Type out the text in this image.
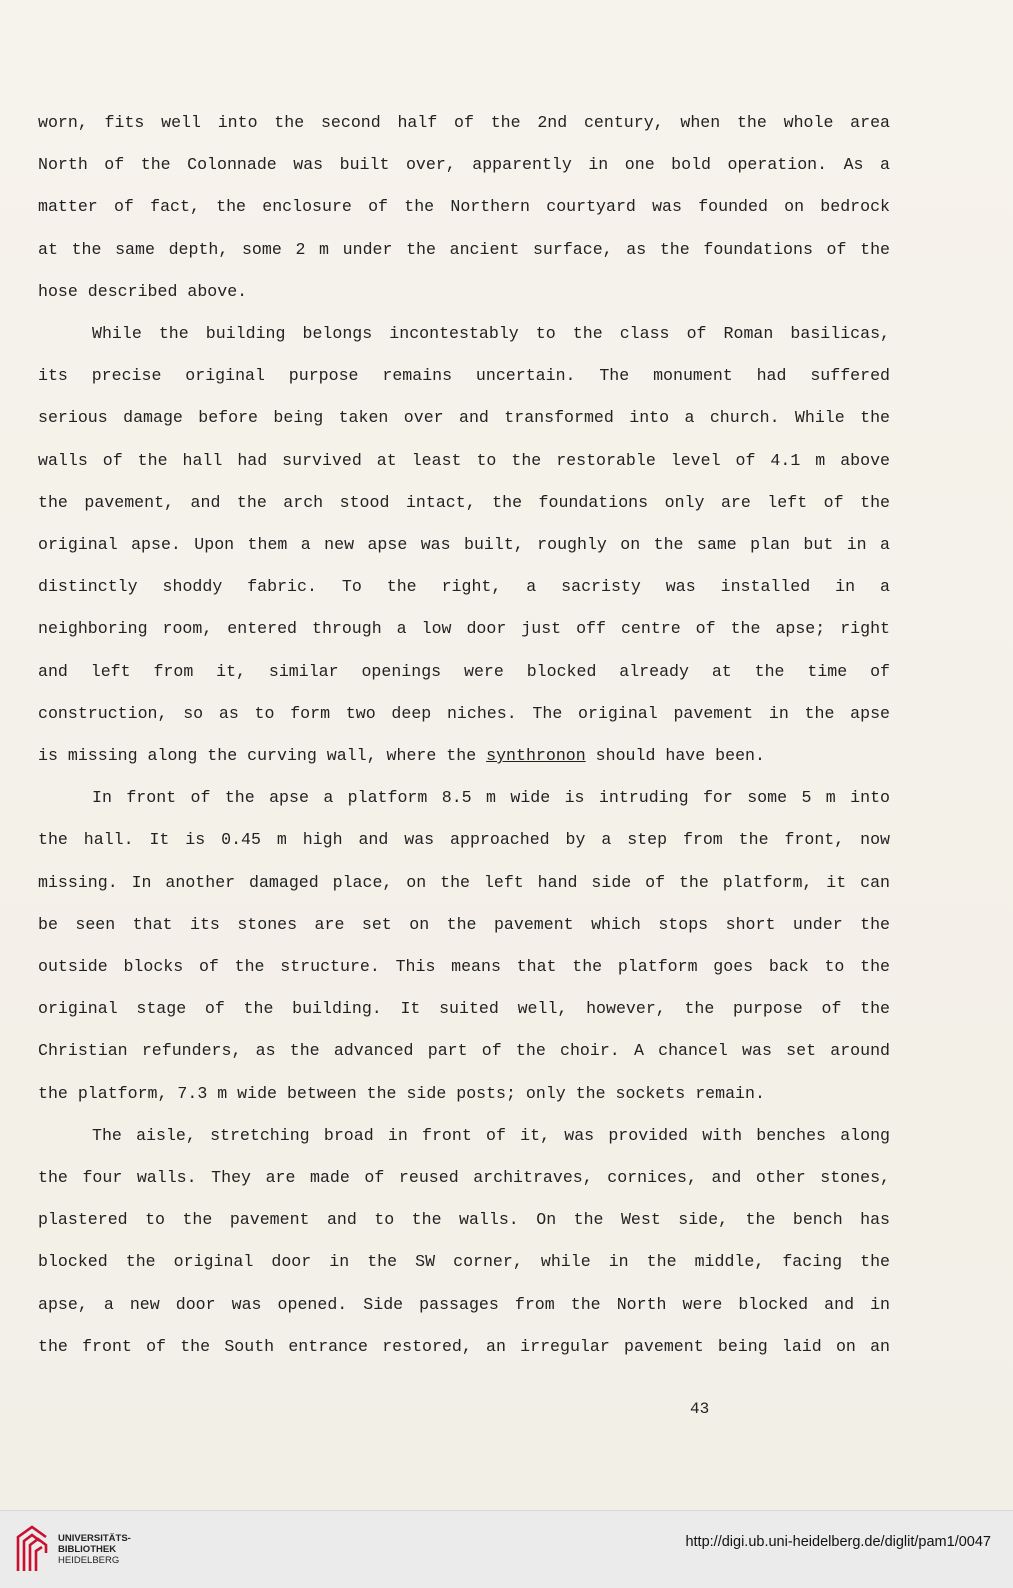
worn, fits well into the second half of the 2nd century, when the whole area
North of the Colonnade was built over, apparently in one bold operation. As a
matter of fact, the enclosure of the Northern courtyard was founded on bedrock
at the same depth, some 2 m under the ancient surface, as the foundations of the
hose described above.

While the building belongs incontestably to the class of Roman basilicas,
its precise original purpose remains uncertain. The monument had suffered
serious damage before being taken over and transformed into a church. While the
walls of the hall had survived at least to the restorable level of 4.1 m above
the pavement, and the arch stood intact, the foundations only are left of the
original apse. Upon them a new apse was built, roughly on the same plan but in a
distinctly shoddy fabric. To the right, a sacristy was installed in a
neighboring room, entered through a low door just off centre of the apse; right
and left from it, similar openings were blocked already at the time of
construction, so as to form two deep niches. The original pavement in the apse
is missing along the curving wall, where the synthronon should have been.

In front of the apse a platform 8.5 m wide is intruding for some 5 m into
the hall. It is 0.45 m high and was approached by a step from the front, now
missing. In another damaged place, on the left hand side of the platform, it can
be seen that its stones are set on the pavement which stops short under the
outside blocks of the structure. This means that the platform goes back to the
original stage of the building. It suited well, however, the purpose of the
Christian refunders, as the advanced part of the choir. A chancel was set around
the platform, 7.3 m wide between the side posts; only the sockets remain.

The aisle, stretching broad in front of it, was provided with benches along
the four walls. They are made of reused architraves, cornices, and other stones,
plastered to the pavement and to the walls. On the West side, the bench has
blocked the original door in the SW corner, while in the middle, facing the
apse, a new door was opened. Side passages from the North were blocked and in
the front of the South entrance restored, an irregular pavement being laid on an

43
UNIVERSITÄTS-
BIBLIOTHEK
HEIDELBERG
http://digi.ub.uni-heidelberg.de/diglit/pam1/0047
